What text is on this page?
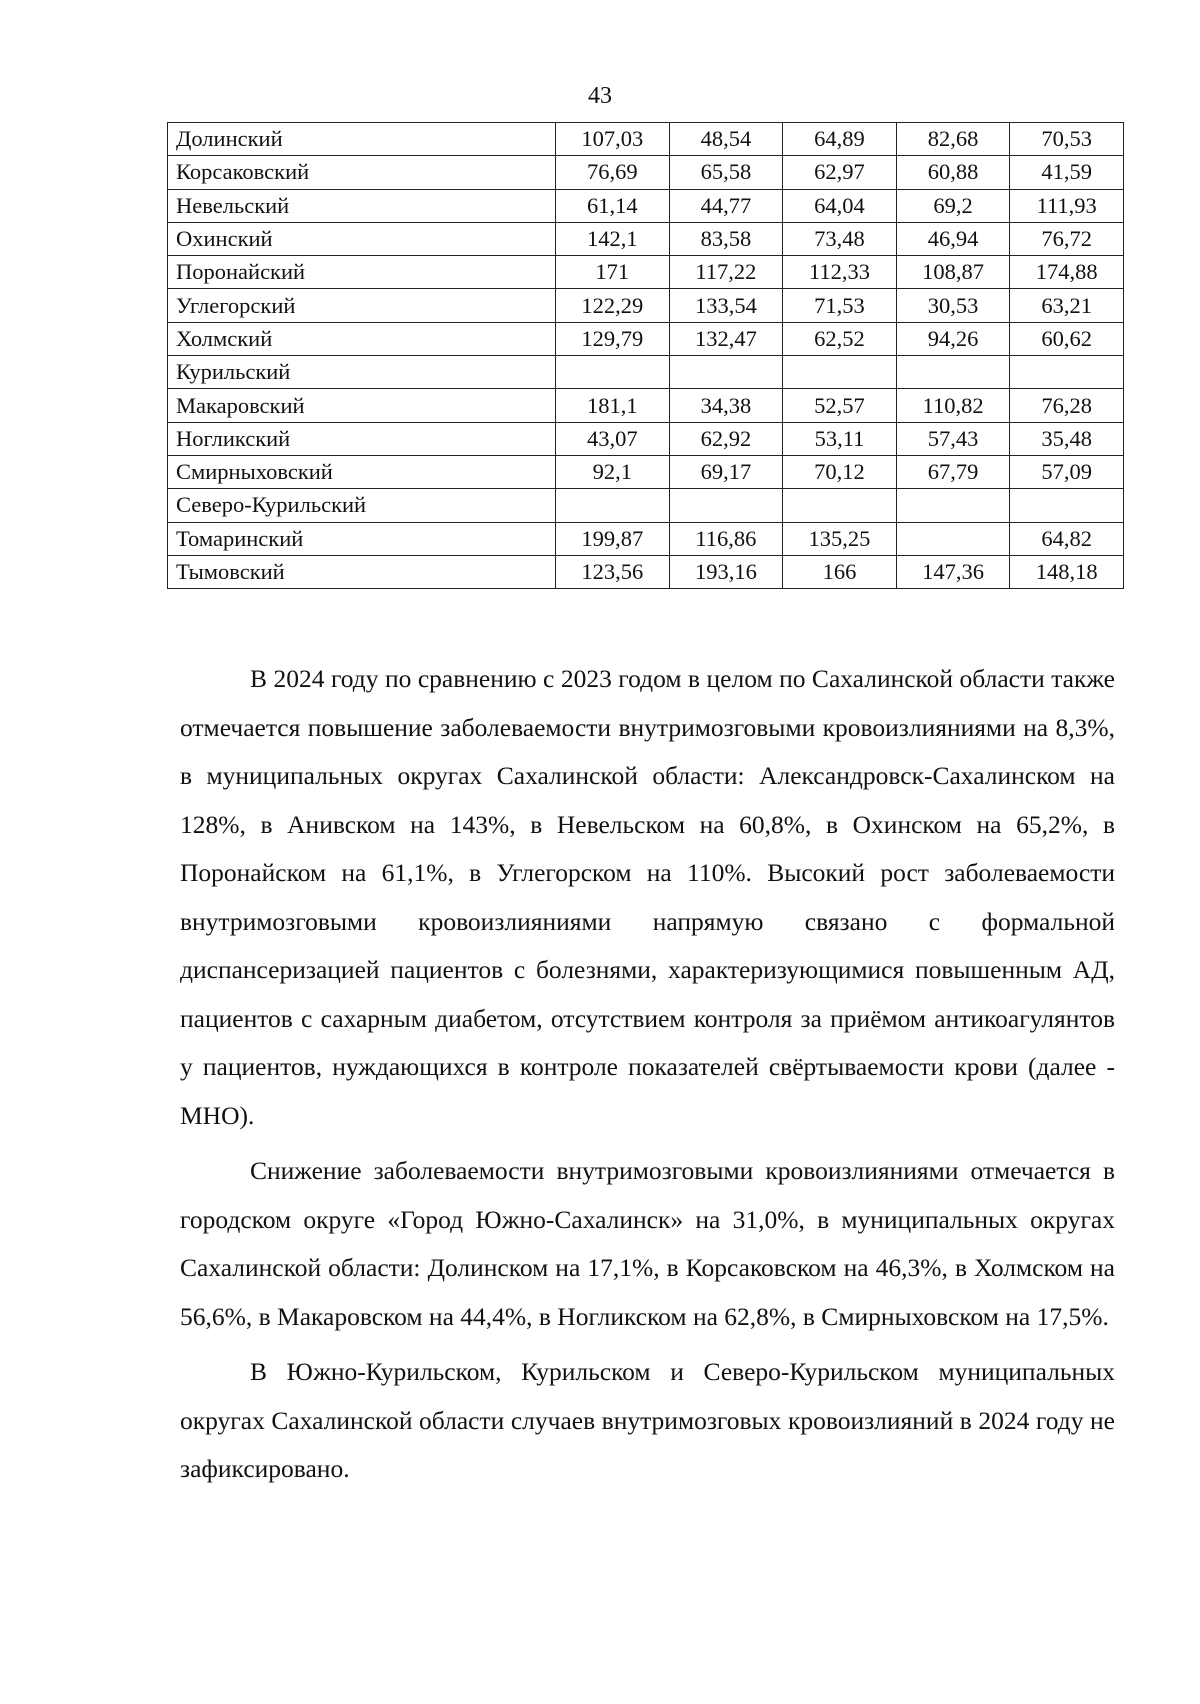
43
Долинский	107,03	48,54	64,89	82,68	70,53
Корсаковский	76,69	65,58	62,97	60,88	41,59
Невельский	61,14	44,77	64,04	69,2	111,93
Охинский	142,1	83,58	73,48	46,94	76,72
Поронайский	171	117,22	112,33	108,87	174,88
Углегорский	122,29	133,54	71,53	30,53	63,21
Холмский	129,79	132,47	62,52	94,26	60,62
Курильский					
Макаровский	181,1	34,38	52,57	110,82	76,28
Ногликский	43,07	62,92	53,11	57,43	35,48
Смирныховский	92,1	69,17	70,12	67,79	57,09
Северо-Курильский					
Томаринский	199,87	116,86	135,25		64,82
Тымовский	123,56	193,16	166	147,36	148,18

В 2024 году по сравнению с 2023 годом в целом по Сахалинской области также отмечается повышение заболеваемости внутримозговыми кровоизлияниями на 8,3%, в муниципальных округах Сахалинской области: Александровск-Сахалинском на 128%, в Анивском на 143%, в Невельском на 60,8%, в Охинском на 65,2%, в Поронайском на 61,1%, в Углегорском на 110%. Высокий рост заболеваемости внутримозговыми кровоизлияниями напрямую связано с формальной диспансеризацией пациентов с болезнями, характеризующимися повышенным АД, пациентов с сахарным диабетом, отсутствием контроля за приёмом антикоагулянтов у пациентов, нуждающихся в контроле показателей свёртываемости крови (далее - МНО).

Снижение заболеваемости внутримозговыми кровоизлияниями отмечается в городском округе «Город Южно-Сахалинск» на 31,0%, в муниципальных округах Сахалинской области: Долинском на 17,1%, в Корсаковском на 46,3%, в Холмском на 56,6%, в Макаровском на 44,4%, в Ногликском на 62,8%, в Смирныховском на 17,5%.

В Южно-Курильском, Курильском и Северо-Курильском муниципальных округах Сахалинской области случаев внутримозговых кровоизлияний в 2024 году не зафиксировано.
